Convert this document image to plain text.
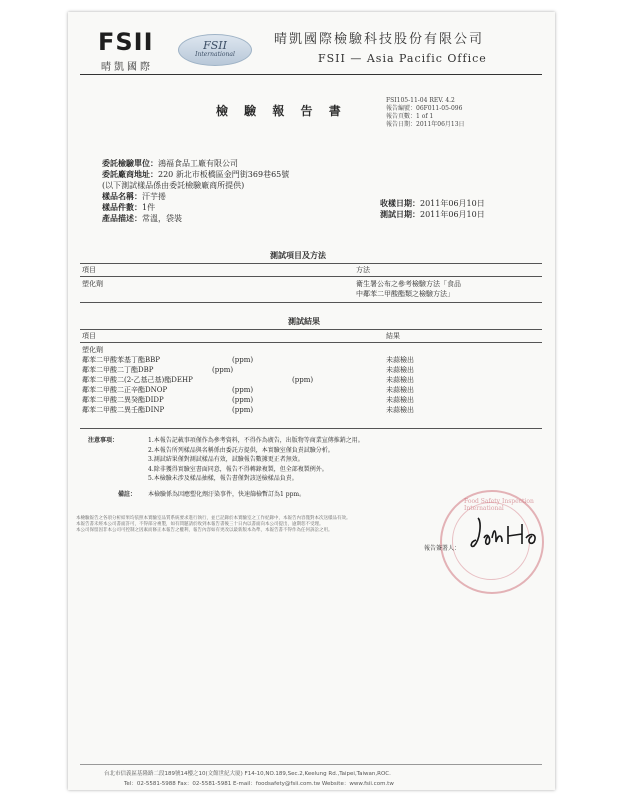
FSII
晴凱國際
FSII
International
晴凱國際檢驗科技股份有限公司
FSII — Asia Pacific Office
檢 驗 報 告 書
FSI105-11-04 REV. 4.2
報告編號：06F011-05-096
報告頁數：1 of 1
報告日期：2011年06月13日
委託檢驗單位：鴻福食品工廠有限公司
委託廠商地址：220 新北市板橋區金門街369巷65號
(以下測試樣品係由委託檢驗廠商所提供)
樣品名稱：汗芋捲
樣品件數：1件
產品描述：常溫，袋裝
收樣日期：2011年06月10日
測試日期：2011年06月10日
測試項目及方法
項目	方法
塑化劑	衛生署公布之參考檢驗方法「食品
中鄰苯二甲酸酯類之檢驗方法」
測試結果
項目	結果
塑化劑
鄰苯二甲酸苯基丁酯BBP	(ppm)	未蒜檢出
鄰苯二甲酸二丁酯DBP	(ppm)	未蒜檢出
鄰苯二甲酸二(2-乙基己基)酯DEHP	(ppm)	未蒜檢出
鄰苯二甲酸二正辛酯DNOP	(ppm)	未蒜檢出
鄰苯二甲酸二異癸酯DIDP	(ppm)	未蒜檢出
鄰苯二甲酸二異壬酯DINP	(ppm)	未蒜檢出
注意事項：	1.本報告記載事項僅作為參考資料，不得作為廣告，出版物等商業宣傳推銷之用。
2.本報告所列樣品與名稱係由委託方提供，本實驗室僅負責試驗分析。
3.測試結果僅對測試樣品有效，試驗報告數據更正者無效。
4.除非獲得實驗室書面同意，報告不得轉錄複製，但全部複製例外。
5.本檢驗未涉及樣品抽樣，報告書僅對該送檢樣品負責。
備註： 本檢驗係為因應塑化劑汙染事件，快速篩檢暫訂為1 ppm。
本檢驗報告之各項分析結果均依照本實驗室品質系統要求進行執行，並已記錄於本實驗室之工作紀錄中，本報告內容僅對本次送樣品有效。
本報告書未經本公司書面許可，不得部分複製，如有問題請於收到本報告書後三十日內以書面向本公司提出，逾期恕不受理。
本公司保留因非本公司可控制之因素而修正本報告之權利，報告內容如有更改以最新版本為準，本報告書不得作為任何訴訟之用。
Food Safety Inspection International
報告簽署人：
台北市信義區基隆路二段189號14樓之10(文館世紀大廈) F14-10,NO.189,Sec.2,Keelung Rd.,Taipei,Taiwan,ROC.
Tel：02-5581-5988 Fax：02-5581-5981 E-mail：foodsafety@fsii.com.tw Website：www.fsii.com.tw
